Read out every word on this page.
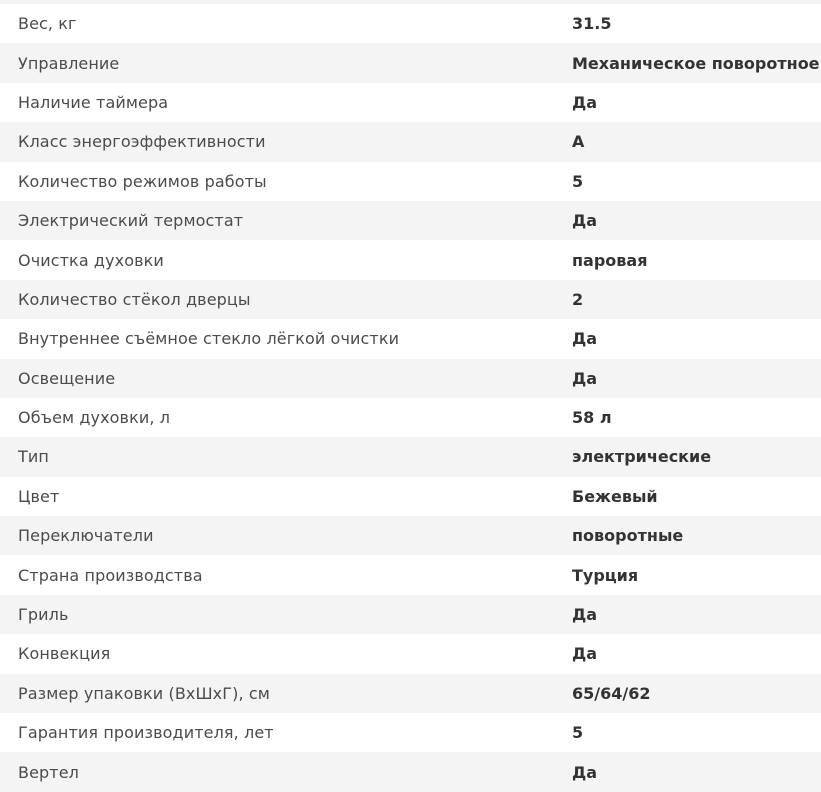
Вес, кг	31.5
Управление	Механическое поворотное
Наличие таймера	Да
Класс энергоэффективности	A
Количество режимов работы	5
Электрический термостат	Да
Очистка духовки	паровая
Количество стёкол дверцы	2
Внутреннее съёмное стекло лёгкой очистки	Да
Освещение	Да
Объем духовки, л	58 л
Тип	электрические
Цвет	Бежевый
Переключатели	поворотные
Страна производства	Турция
Гриль	Да
Конвекция	Да
Размер упаковки (ВхШхГ), см	65/64/62
Гарантия производителя, лет	5
Вертел	Да
